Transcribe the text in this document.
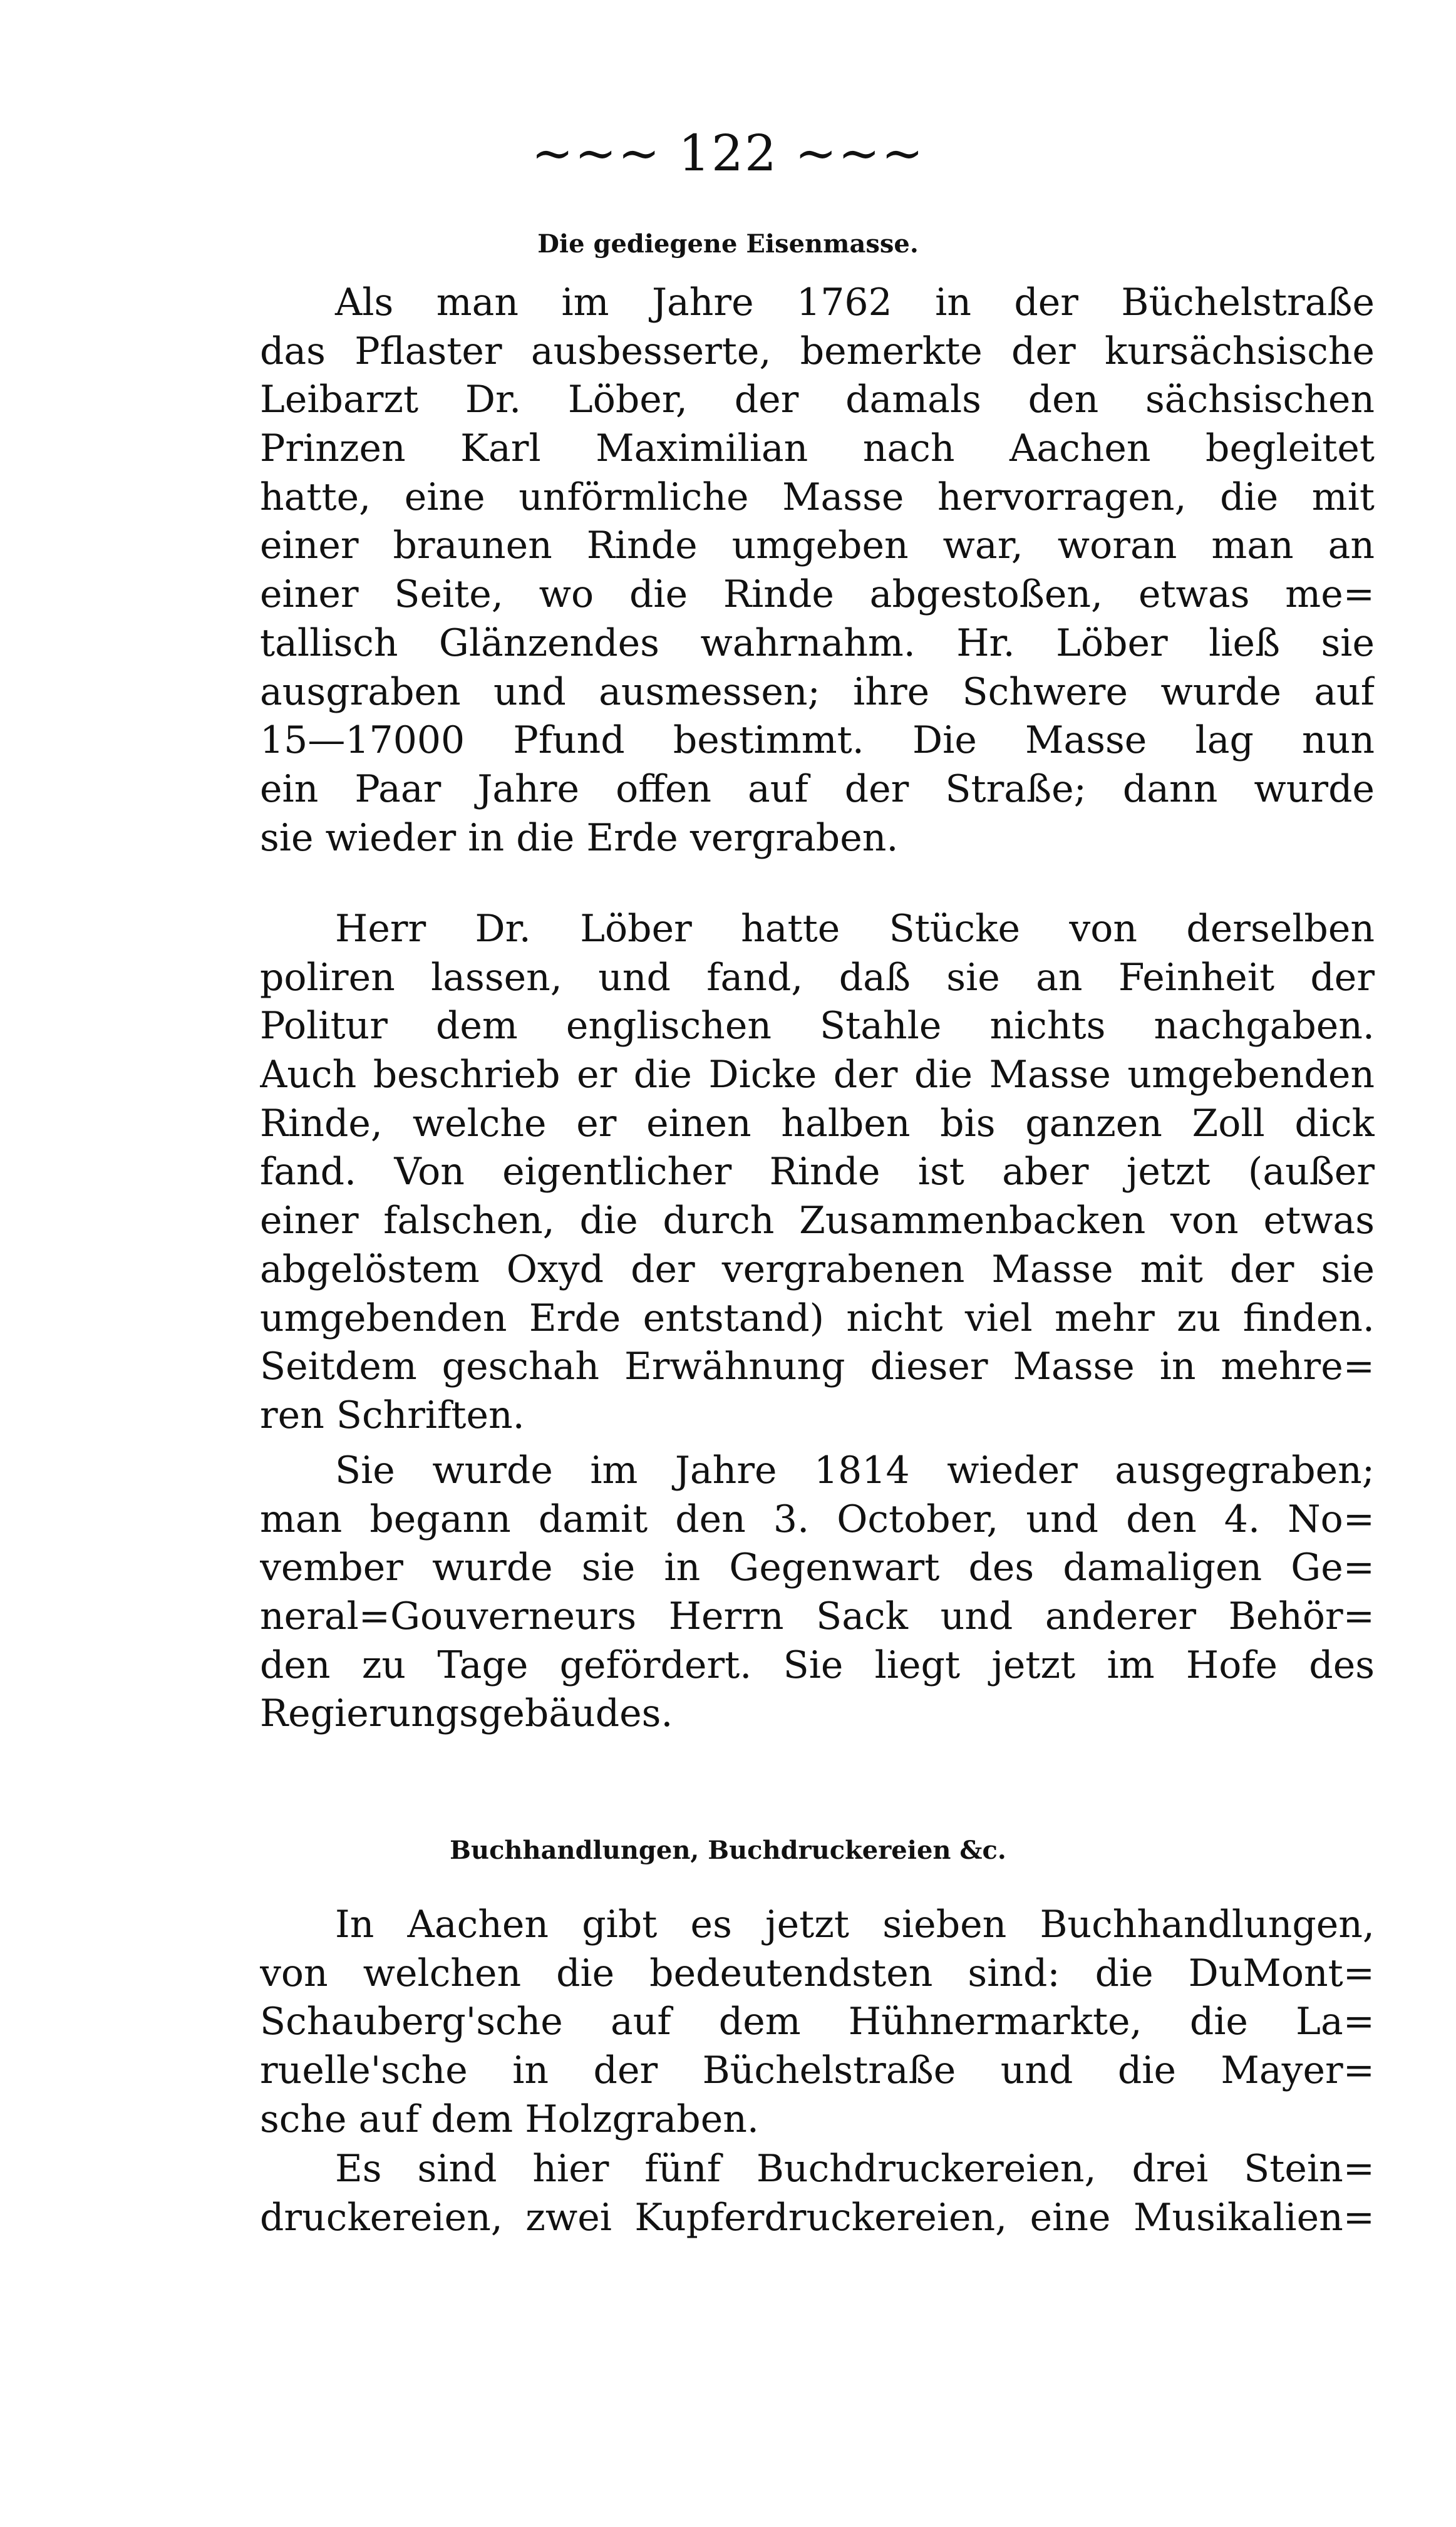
~~~ 122 ~~~
Die gediegene Eisenmasse.
Als man im Jahre 1762 in der Büchelstraße
das Pflaster ausbesserte, bemerkte der kursächsische
Leibarzt Dr. Löber, der damals den sächsischen
Prinzen Karl Maximilian nach Aachen begleitet
hatte, eine unförmliche Masse hervorragen, die mit
einer braunen Rinde umgeben war, woran man an
einer Seite, wo die Rinde abgestoßen, etwas me=
tallisch Glänzendes wahrnahm. Hr. Löber ließ sie
ausgraben und ausmessen; ihre Schwere wurde auf
15—17000 Pfund bestimmt. Die Masse lag nun
ein Paar Jahre offen auf der Straße; dann wurde
sie wieder in die Erde vergraben.
Herr Dr. Löber hatte Stücke von derselben
poliren lassen, und fand, daß sie an Feinheit der
Politur dem englischen Stahle nichts nachgaben.
Auch beschrieb er die Dicke der die Masse umgebenden
Rinde, welche er einen halben bis ganzen Zoll dick
fand. Von eigentlicher Rinde ist aber jetzt (außer
einer falschen, die durch Zusammenbacken von etwas
abgelöstem Oxyd der vergrabenen Masse mit der sie
umgebenden Erde entstand) nicht viel mehr zu finden.
Seitdem geschah Erwähnung dieser Masse in mehre=
ren Schriften.
Sie wurde im Jahre 1814 wieder ausgegraben;
man begann damit den 3. October, und den 4. No=
vember wurde sie in Gegenwart des damaligen Ge=
neral=Gouverneurs Herrn Sack und anderer Behör=
den zu Tage gefördert. Sie liegt jetzt im Hofe des
Regierungsgebäudes.
Buchhandlungen, Buchdruckereien &c.
In Aachen gibt es jetzt sieben Buchhandlungen,
von welchen die bedeutendsten sind: die DuMont=
Schauberg'sche auf dem Hühnermarkte, die La=
ruelle'sche in der Büchelstraße und die Mayer=
sche auf dem Holzgraben.
Es sind hier fünf Buchdruckereien, drei Stein=
druckereien, zwei Kupferdruckereien, eine Musikalien=
